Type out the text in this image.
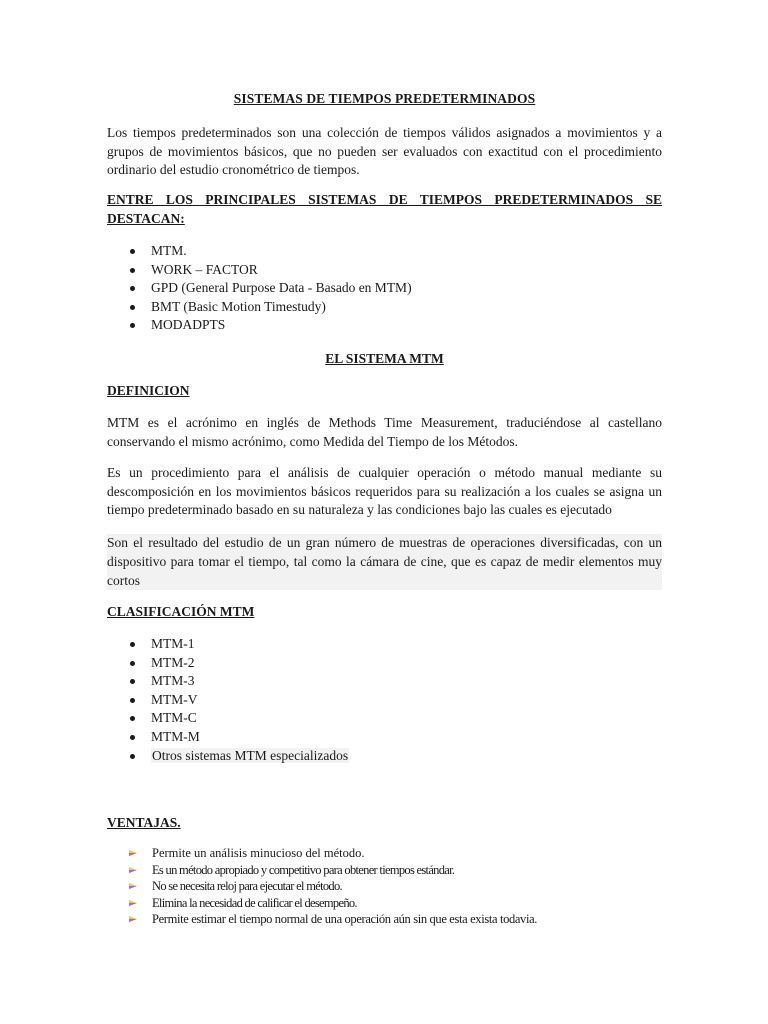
SISTEMAS DE TIEMPOS PREDETERMINADOS
Los tiempos predeterminados son una colección de tiempos válidos asignados a movimientos y a grupos de movimientos básicos, que no pueden ser evaluados con exactitud con el procedimiento ordinario del estudio cronométrico de tiempos.
ENTRE LOS PRINCIPALES SISTEMAS DE TIEMPOS PREDETERMINADOS SE DESTACAN:
MTM.
WORK – FACTOR
GPD (General Purpose Data - Basado en MTM)
BMT (Basic Motion Timestudy)
MODADPTS
EL SISTEMA MTM
DEFINICION
MTM es el acrónimo en inglés de Methods Time Measurement, traduciéndose al castellano conservando el mismo acrónimo, como Medida del Tiempo de los Métodos.
Es un procedimiento para el análisis de cualquier operación o método manual mediante su descomposición en los movimientos básicos requeridos para su realización a los cuales se asigna un tiempo predeterminado basado en su naturaleza y las condiciones bajo las cuales es ejecutado
Son el resultado del estudio de un gran número de muestras de operaciones diversificadas, con un dispositivo para tomar el tiempo, tal como la cámara de cine, que es capaz de medir elementos muy cortos
CLASIFICACIÓN MTM
MTM-1
MTM-2
MTM-3
MTM-V
MTM-C
MTM-M
Otros sistemas MTM especializados
VENTAJAS.
Permite un análisis minucioso del método.
Es un método apropiado y competitivo para obtener tiempos estándar.
No se necesita reloj para ejecutar el método.
Elimina la necesidad de calificar el desempeño.
Permite estimar el tiempo normal de una operación aún sin que esta exista todavia.
